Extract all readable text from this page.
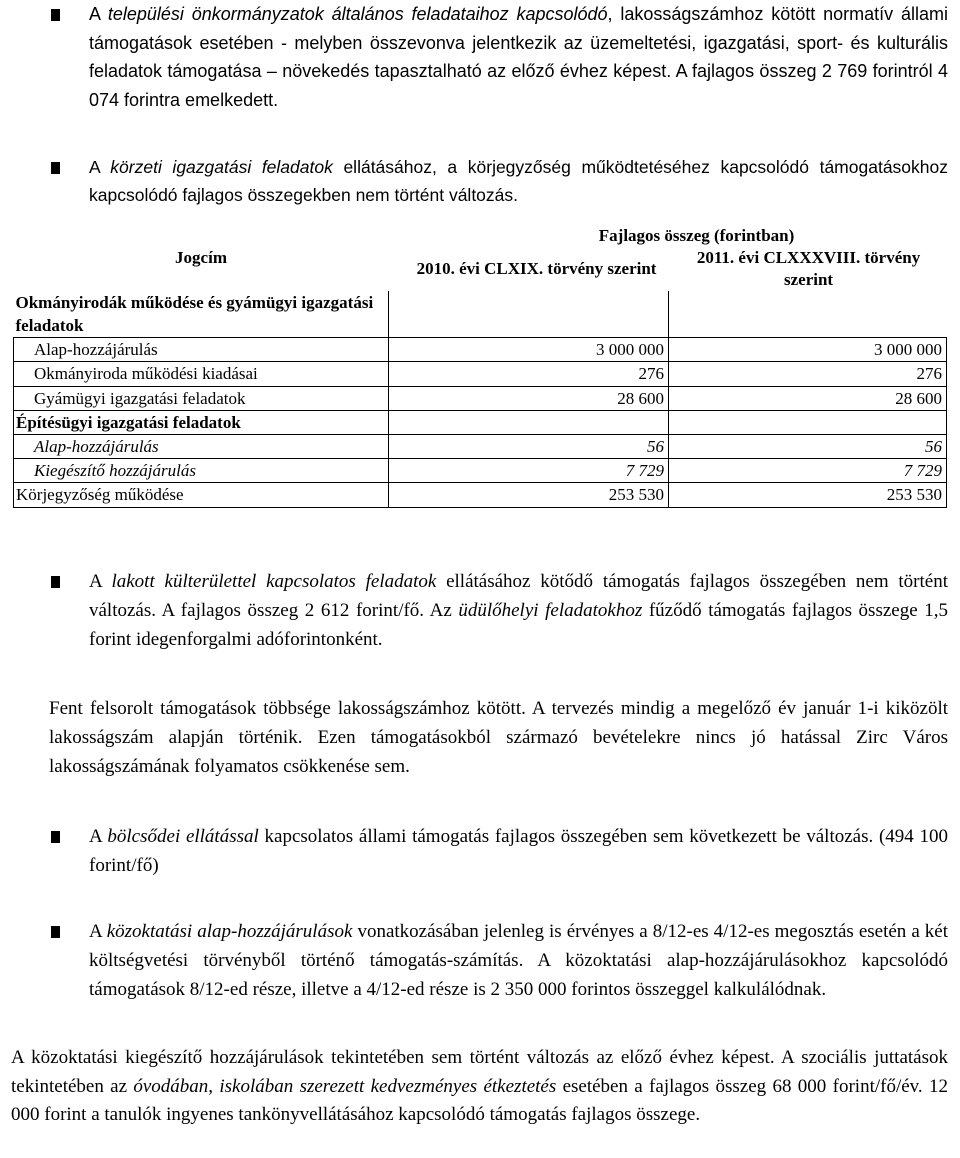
A települési önkormányzatok általános feladataihoz kapcsolódó, lakosságszámhoz kötött normatív állami támogatások esetében - melyben összevonva jelentkezik az üzemeltetési, igazgatási, sport- és kulturális feladatok támogatása – növekedés tapasztalható az előző évhez képest. A fajlagos összeg 2 769 forintról 4 074 forintra emelkedett.

A körzeti igazgatási feladatok ellátásához, a körjegyzőség működtetéséhez kapcsolódó támogatásokhoz kapcsolódó fajlagos összegekben nem történt változás.

Jogcím	Fajlagos összeg (forintban)	

	2010. évi CLXIX. törvény szerint	2011. évi CLXXXVIII. törvény szerint

Okmányirodák működése és gyámügyi igazgatási feladatok		
Alap-hozzájárulás	3 000 000	3 000 000
Okmányiroda működési kiadásai	276	276
Gyámügyi igazgatási feladatok	28 600	28 600
Építésügyi igazgatási feladatok		
Alap-hozzájárulás	56	56
Kiegészítő hozzájárulás	7 729	7 729
Körjegyzőség működése	253 530	253 530

A lakott külterülettel kapcsolatos feladatok ellátásához kötődő támogatás fajlagos összegében nem történt változás. A fajlagos összeg 2 612 forint/fő. Az üdülőhelyi feladatokhoz fűződő támogatás fajlagos összege 1,5 forint idegenforgalmi adóforintonként.

Fent felsorolt támogatások többsége lakosságszámhoz kötött. A tervezés mindig a megelőző év január 1-i kiközölt lakosságszám alapján történik. Ezen támogatásokból származó bevételekre nincs jó hatással Zirc Város lakosságszámának folyamatos csökkenése sem.

A bölcsődei ellátással kapcsolatos állami támogatás fajlagos összegében sem következett be változás. (494 100 forint/fő)

A közoktatási alap-hozzájárulások vonatkozásában jelenleg is érvényes a 8/12-es 4/12-es megosztás esetén a két költségvetési törvényből történő támogatás-számítás. A közoktatási alap-hozzájárulásokhoz kapcsolódó támogatások 8/12-ed része, illetve a 4/12-ed része is 2 350 000 forintos összeggel kalkulálódnak.

A közoktatási kiegészítő hozzájárulások tekintetében sem történt változás az előző évhez képest. A szociális juttatások tekintetében az óvodában, iskolában szerezett kedvezményes étkeztetés esetében a fajlagos összeg 68 000 forint/fő/év. 12 000 forint a tanulók ingyenes tankönyvellátásához kapcsolódó támogatás fajlagos összege.
